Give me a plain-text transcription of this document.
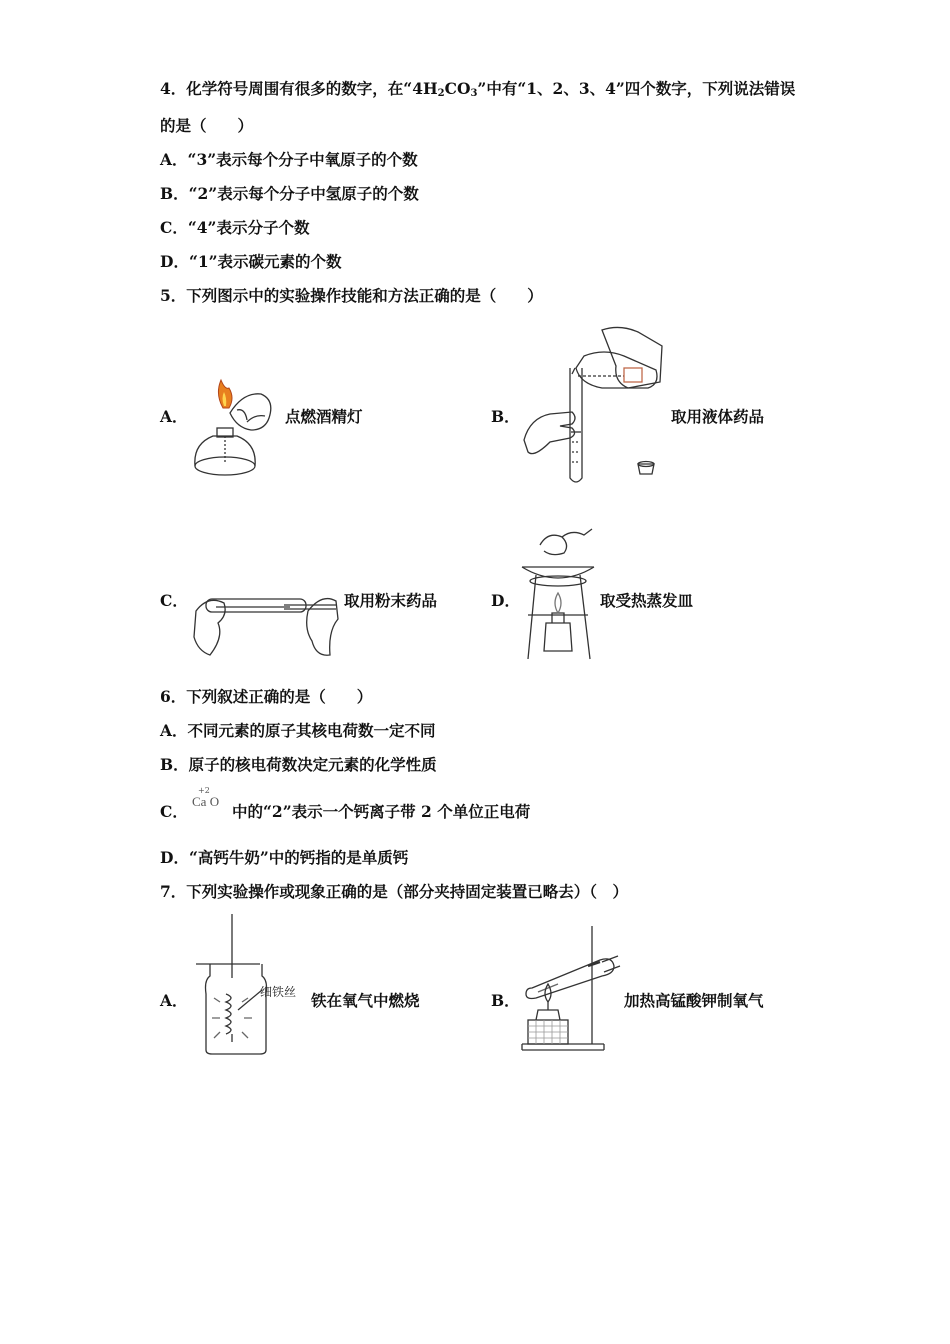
4．化学符号周围有很多的数字，在“$4H_2CO_3$”中有“1、2、3、4”四个数字，下列说法错误
的是（　　）
A．“3”表示每个分子中氧原子的个数
B．“2”表示每个分子中氢原子的个数
C．“4”表示分子个数
D．“1”表示碳元素的个数
5．下列图示中的实验操作技能和方法正确的是（　　）
A．	点燃酒精灯	B．	取用液体药品
C．	取用粉末药品	D．	取受热蒸发皿
6．下列叙述正确的是（　　）
A．不同元素的原子其核电荷数一定不同
B．原子的核电荷数决定元素的化学性质
C．
+2
Ca O
中的“2”表示一个钙离子带 2 个单位正电荷
D．“高钙牛奶”中的钙指的是单质钙
7．下列实验操作或现象正确的是（部分夹持固定装置已略去）（　）
A．	细铁丝 铁在氧气中燃烧	B．	加热高锰酸钾制氧气
